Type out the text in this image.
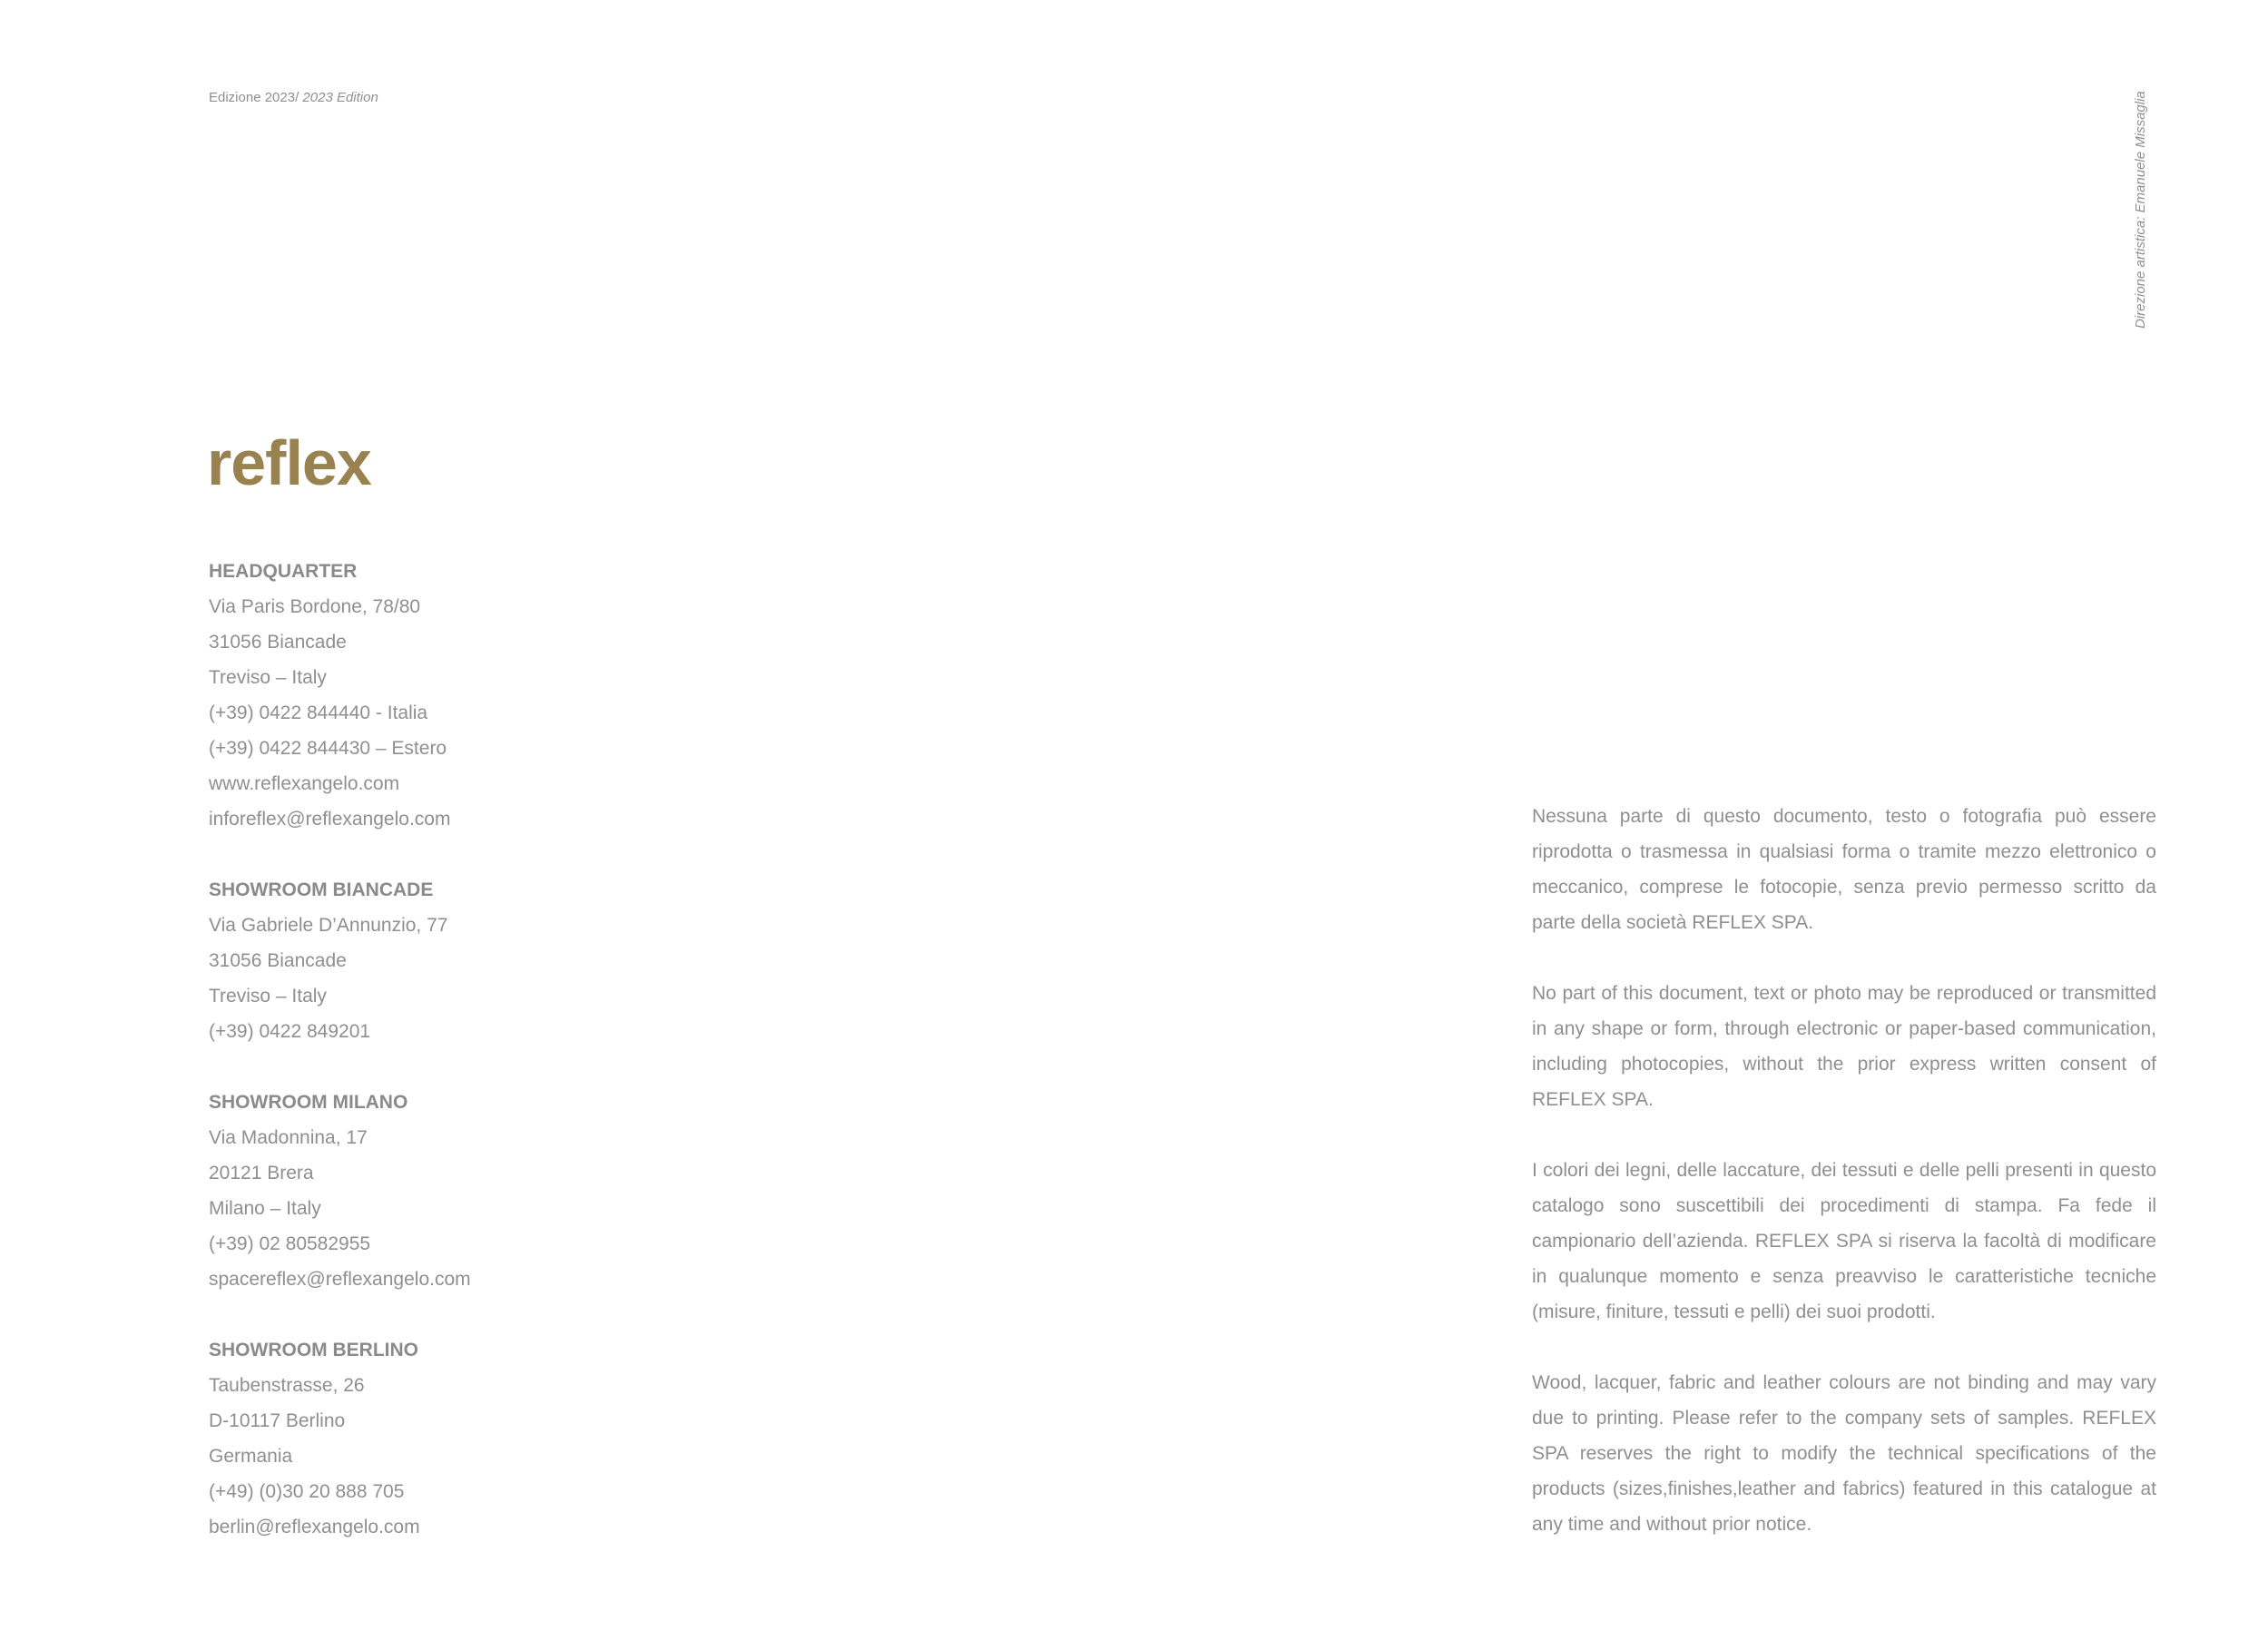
Edizione 2023/ 2023 Edition	Direzione artistica: Emanuele Missaglia
reflex
HEADQUARTER
Via Paris Bordone, 78/80
31056 Biancade
Treviso – Italy
(+39) 0422 844440 - Italia
(+39) 0422 844430 – Estero
www.reflexangelo.com
inforeflex@reflexangelo.com
SHOWROOM BIANCADE
Via Gabriele D’Annunzio, 77
31056 Biancade
Treviso – Italy
(+39) 0422 849201
SHOWROOM MILANO
Via Madonnina, 17
20121 Brera
Milano – Italy
(+39) 02 80582955
spacereflex@reflexangelo.com
SHOWROOM BERLINO
Taubenstrasse, 26
D-10117 Berlino
Germania
(+49) (0)30 20 888 705
berlin@reflexangelo.com

Nessuna parte di questo documento, testo o fotografia può essere riprodotta o trasmessa in qualsiasi forma o tramite mezzo elettronico o meccanico, comprese le fotocopie, senza previo permesso scritto da parte della società REFLEX SPA.

No part of this document, text or photo may be reproduced or transmitted in any shape or form, through electronic or paper-based communication, including photocopies, without the prior express written consent of REFLEX SPA.

I colori dei legni, delle laccature, dei tessuti e delle pelli presenti in questo catalogo sono suscettibili dei procedimenti di stampa. Fa fede il campionario dell’azienda. REFLEX SPA si riserva la facoltà di modificare in qualunque momento e senza preavviso le caratteristiche tecniche (misure, finiture, tessuti e pelli) dei suoi prodotti.

Wood, lacquer, fabric and leather colours are not binding and may vary due to printing. Please refer to the company sets of samples. REFLEX SPA reserves the right to modify the technical specifications of the products (sizes,finishes,leather and fabrics) featured in this catalogue at any time and without prior notice.
